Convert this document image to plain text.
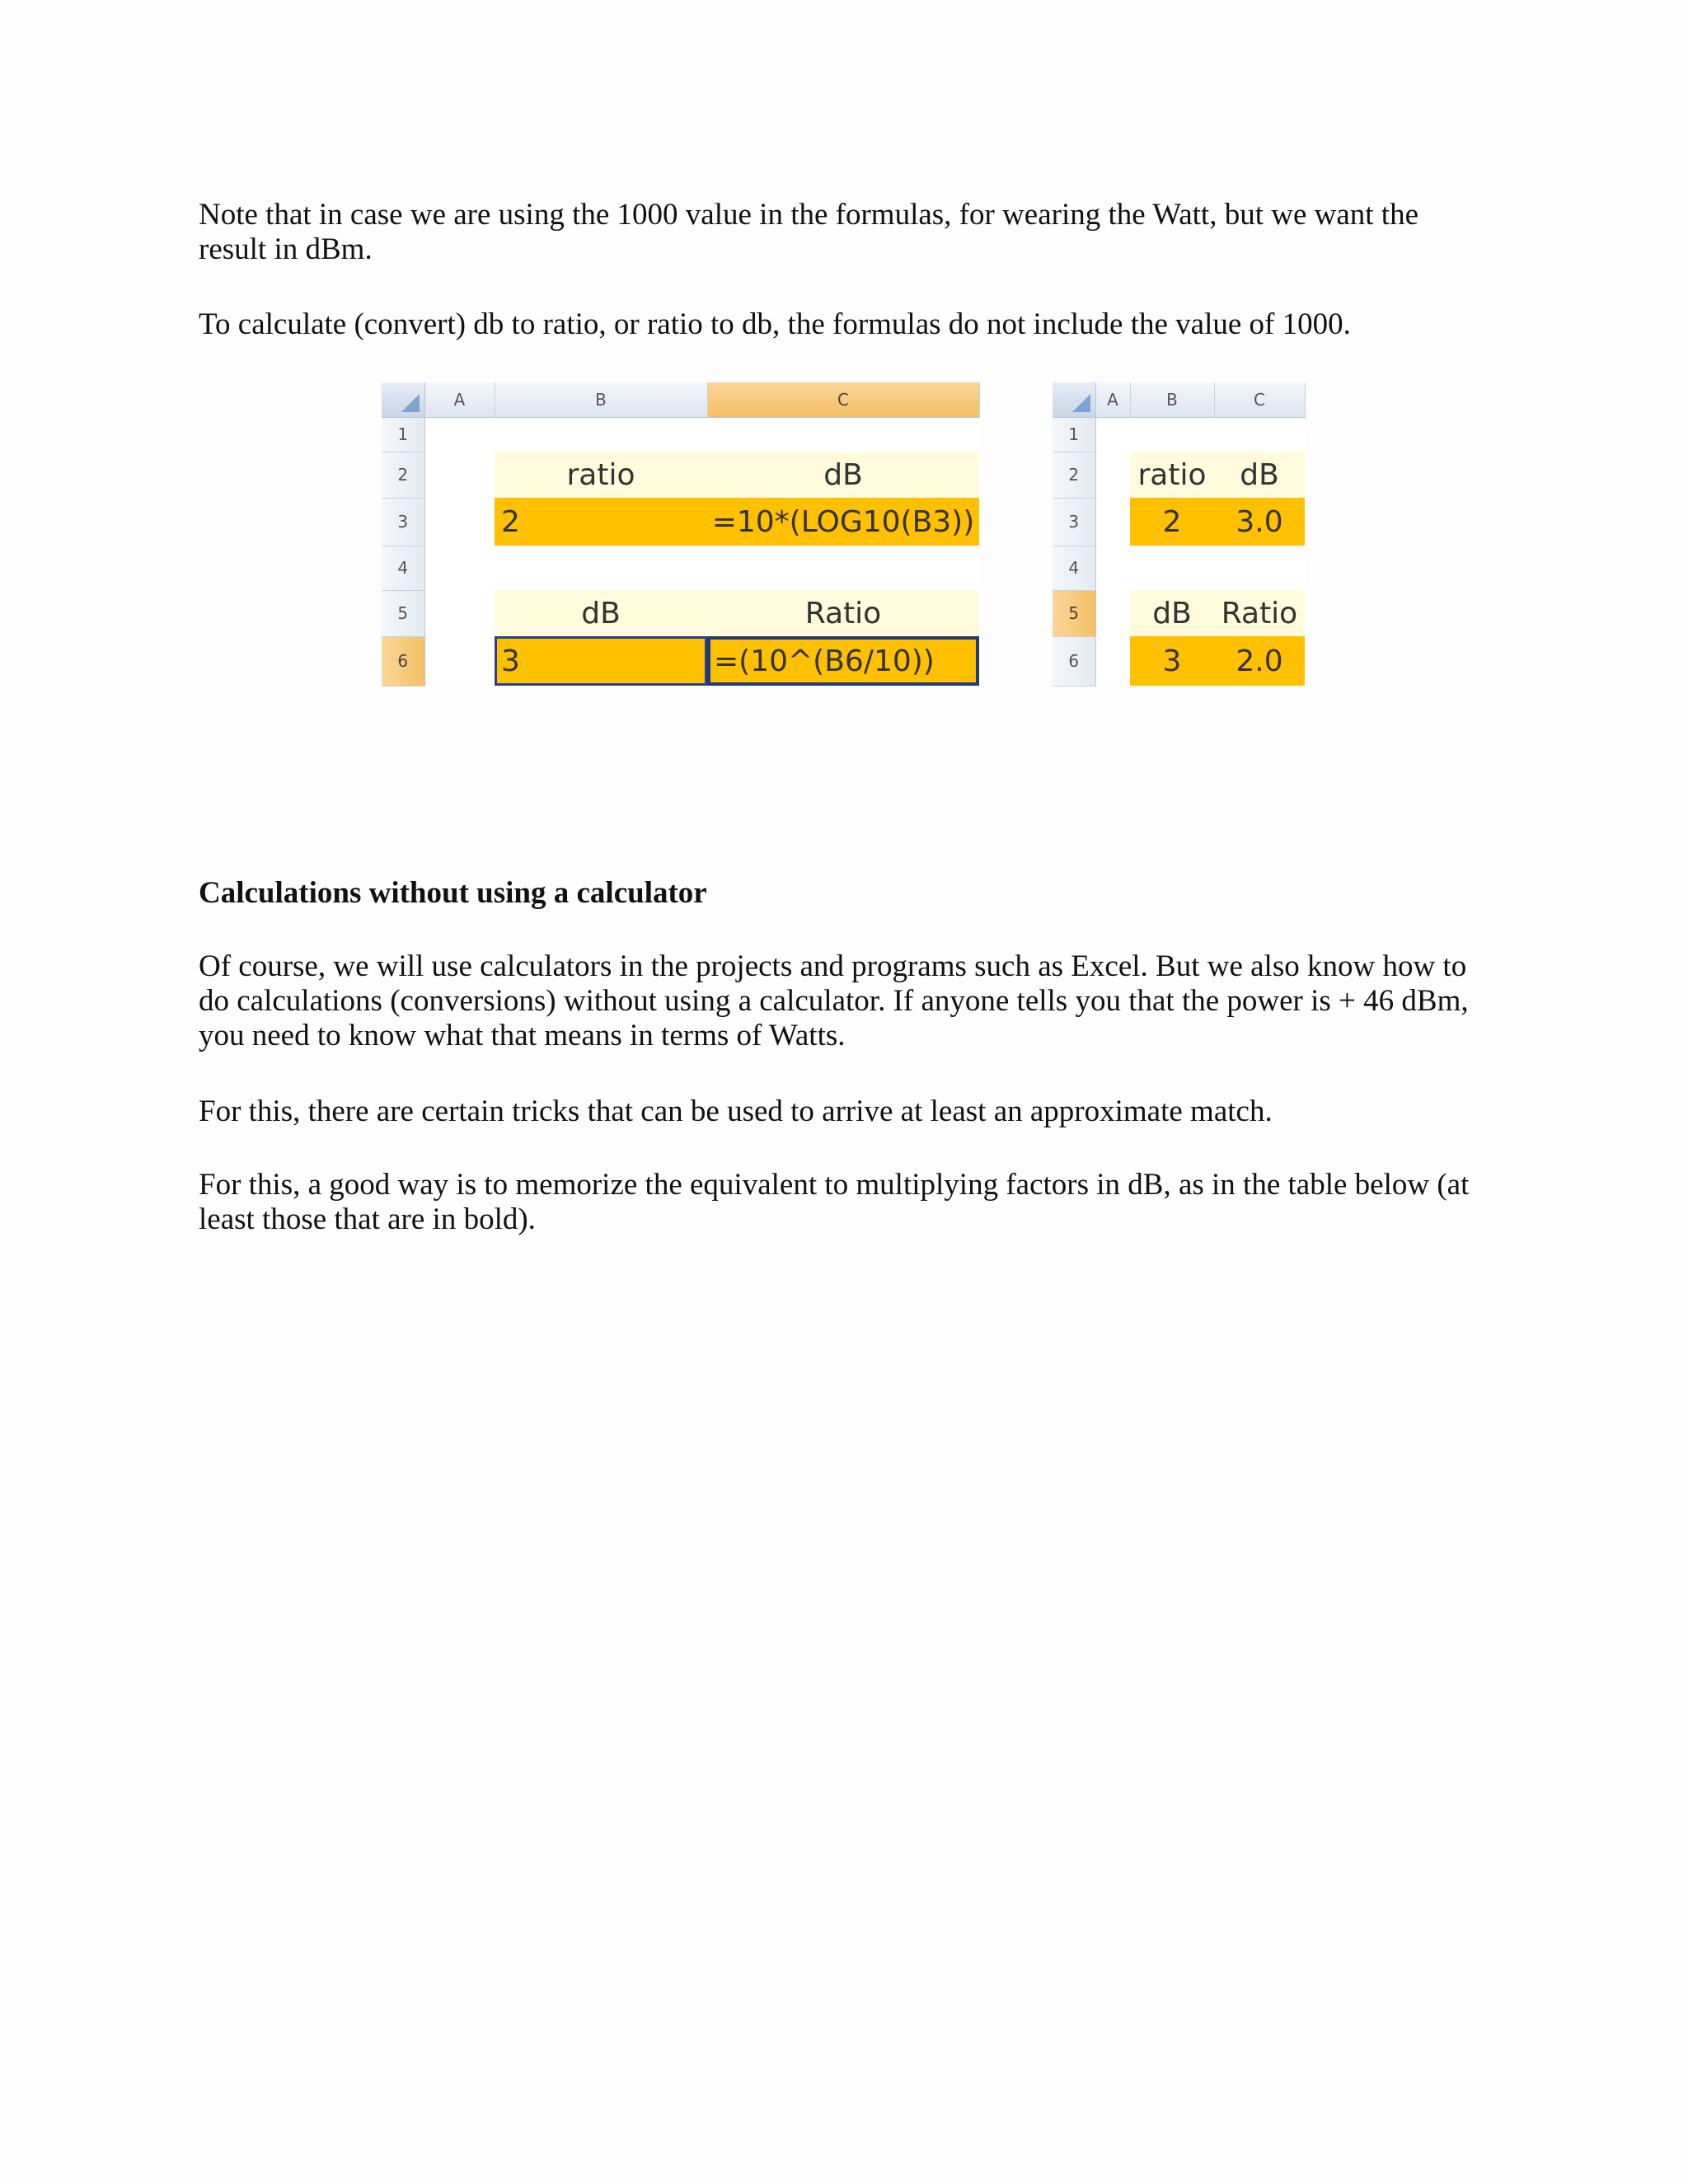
Note that in case we are using the 1000 value in the formulas, for wearing the Watt, but we want the result in dBm.

To calculate (convert) db to ratio, or ratio to db, the formulas do not include the value of 1000.

	A	B	C
1			
2		ratio	dB
3		2	=10*(LOG10(B3))
4			
5		dB	Ratio
6		3	=(10^(B6/10))
	A	B	C
1			
2		ratio	dB
3		2	3.0
4			
5		dB	Ratio
6		3	2.0

Calculations without using a calculator

Of course, we will use calculators in the projects and programs such as Excel. But we also know how to do calculations (conversions) without using a calculator. If anyone tells you that the power is + 46 dBm, you need to know what that means in terms of Watts.

For this, there are certain tricks that can be used to arrive at least an approximate match.

For this, a good way is to memorize the equivalent to multiplying factors in dB, as in the table below (at least those that are in bold).
